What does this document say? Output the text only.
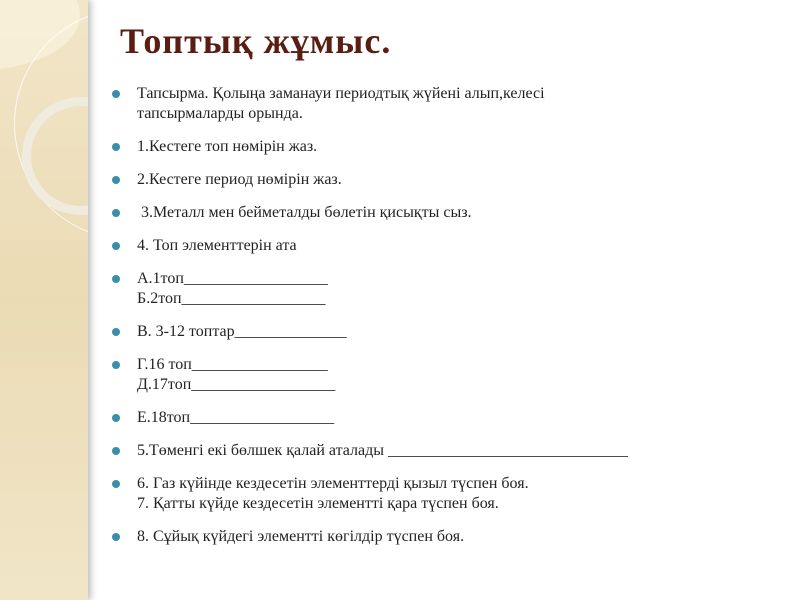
Топтық жұмыс.
Тапсырма. Қолыңа заманауи периодтық жүйені алып,келесі
тапсырмаларды орында.
1.Кестеге топ нөмірін жаз.
2.Кестеге период нөмірін жаз.
3.Металл мен бейметалды бөлетін қисықты сыз.
4. Топ элементтерін ата
А.1топ__________________
Б.2топ__________________
В. 3-12 топтар______________
Г.16 топ_________________
Д.17топ__________________
Е.18топ__________________
5.Төменгі екі бөлшек қалай аталады ______________________________
6. Газ күйінде кездесетін элементтерді қызыл түспен боя.
7. Қатты күйде кездесетін элементті қара түспен боя.
8. Сұйық күйдегі элементті көгілдір түспен боя.
